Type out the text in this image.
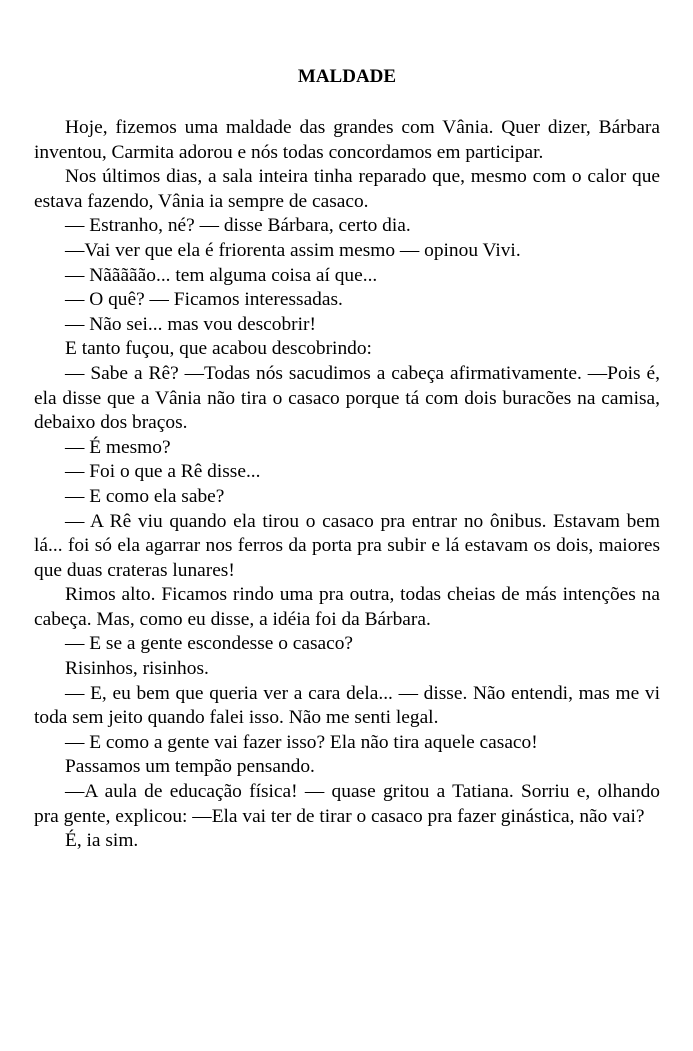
MALDADE

Hoje, fizemos uma maldade das grandes com Vânia. Quer dizer, Bárbara inventou, Carmita adorou e nós todas concordamos em participar.

Nos últimos dias, a sala inteira tinha reparado que, mesmo com o calor que estava fazendo, Vânia ia sempre de casaco.

— Estranho, né? — disse Bárbara, certo dia.

—Vai ver que ela é friorenta assim mesmo — opinou Vivi.

— Nããããão... tem alguma coisa aí que...

— O quê? — Ficamos interessadas.

— Não sei... mas vou descobrir!

E tanto fuçou, que acabou descobrindo:

— Sabe a Rê? —Todas nós sacudimos a cabeça afirmativamente. —Pois é, ela disse que a Vânia não tira o casaco porque tá com dois buracões na camisa, debaixo dos braços.

— É mesmo?

— Foi o que a Rê disse...

— E como ela sabe?

— A Rê viu quando ela tirou o casaco pra entrar no ônibus. Estavam bem lá... foi só ela agarrar nos ferros da porta pra subir e lá estavam os dois, maiores que duas crateras lunares!

Rimos alto. Ficamos rindo uma pra outra, todas cheias de más intenções na cabeça. Mas, como eu disse, a idéia foi da Bárbara.

— E se a gente escondesse o casaco?

Risinhos, risinhos.

— E, eu bem que queria ver a cara dela... — disse. Não entendi, mas me vi toda sem jeito quando falei isso. Não me senti legal.

— E como a gente vai fazer isso? Ela não tira aquele casaco!

Passamos um tempão pensando.

—A aula de educação física! — quase gritou a Tatiana. Sorriu e, olhando pra gente, explicou: —Ela vai ter de tirar o casaco pra fazer ginástica, não vai?

É, ia sim.
